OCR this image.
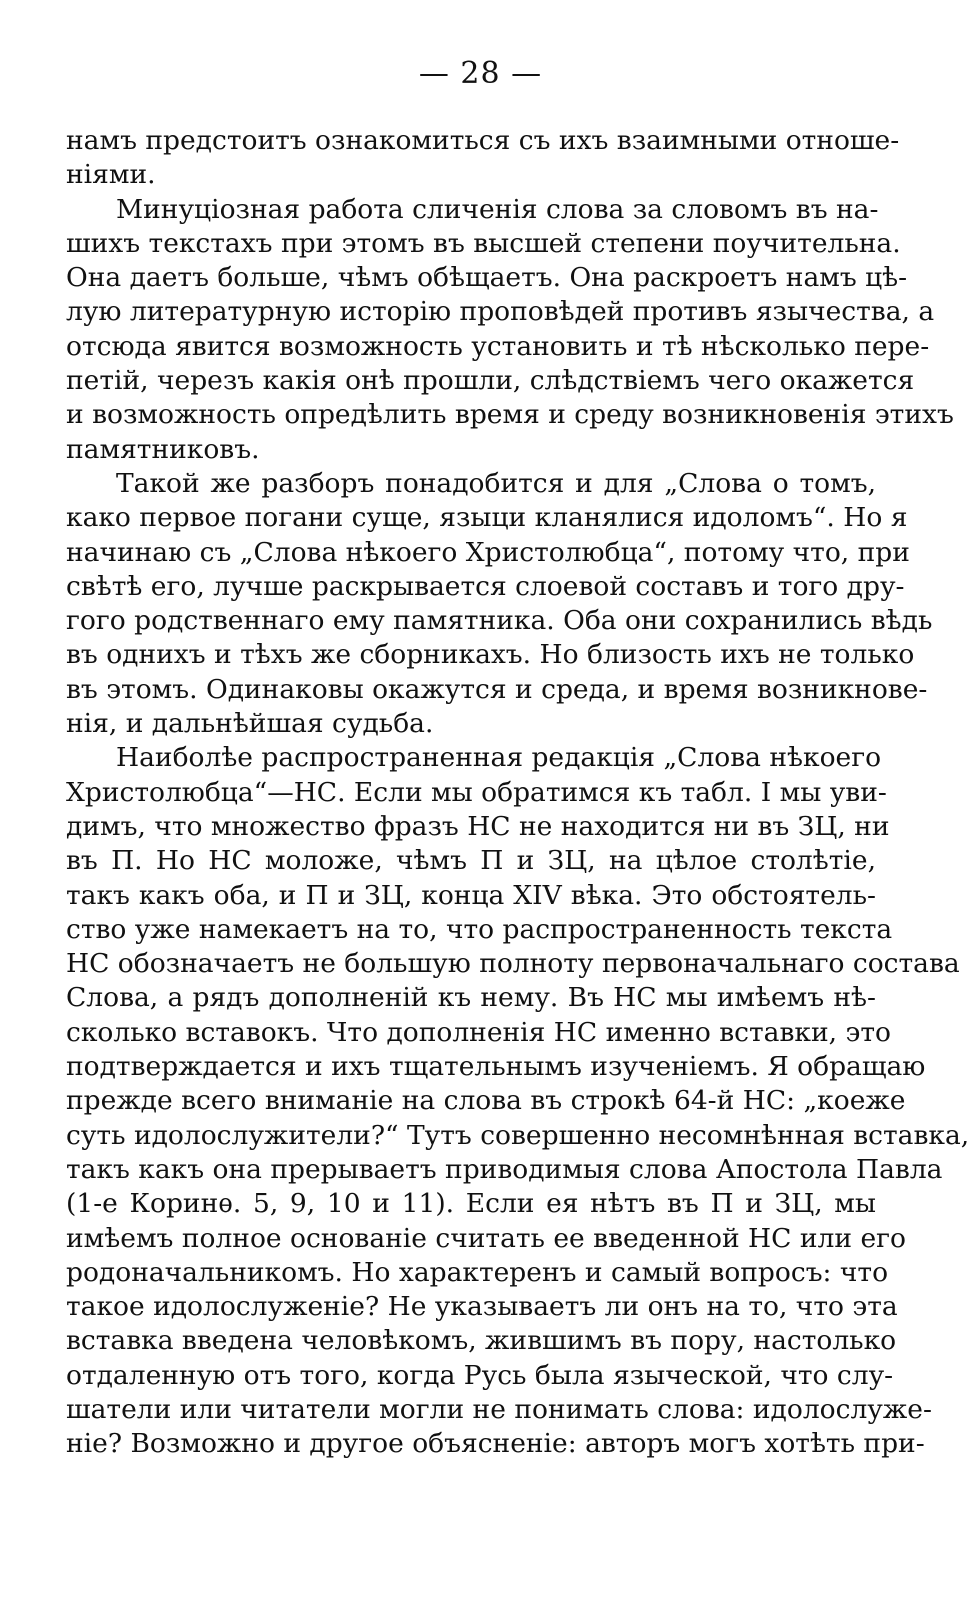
— 28 —
намъ предстоитъ ознакомиться съ ихъ взаимными отноше-
ніями.
Минуціозная работа сличенія слова за словомъ въ на-
шихъ текстахъ при этомъ въ высшей степени поучительна.
Она даетъ больше, чѣмъ обѣщаетъ. Она раскроетъ намъ цѣ-
лую литературную исторію проповѣдей противъ язычества, а
отсюда явится возможность установить и тѣ нѣсколько пере-
петій, черезъ какія онѣ прошли, слѣдствіемъ чего окажется
и возможность опредѣлить время и среду возникновенія этихъ
памятниковъ.
Такой же разборъ понадобится и для „Слова о томъ,
како первое погани суще, языци кланялися идоломъ“. Но я
начинаю съ „Слова нѣкоего Христолюбца“, потому что, при
свѣтѣ его, лучше раскрывается слоевой составъ и того дру-
гого родственнаго ему памятника. Оба они сохранились вѣдь
въ однихъ и тѣхъ же сборникахъ. Но близость ихъ не только
въ этомъ. Одинаковы окажутся и среда, и время возникнове-
нія, и дальнѣйшая судьба.
Наиболѣе распространенная редакція „Слова нѣкоего
Христолюбца“—НС. Если мы обратимся къ табл. I мы уви-
димъ, что множество фразъ НС не находится ни въ ЗЦ, ни
въ П. Но НС моложе, чѣмъ П и ЗЦ, на цѣлое столѣтіе,
такъ какъ оба, и П и ЗЦ, конца XIV вѣка. Это обстоятель-
ство уже намекаетъ на то, что распространенность текста
НС обозначаетъ не большую полноту первоначальнаго состава
Слова, а рядъ дополненій къ нему. Въ НС мы имѣемъ нѣ-
сколько вставокъ. Что дополненія НС именно вставки, это
подтверждается и ихъ тщательнымъ изученіемъ. Я обращаю
прежде всего вниманіе на слова въ строкѣ 64-й НС: „коеже
суть идолослужители?“ Тутъ совершенно несомнѣнная вставка,
такъ какъ она прерываетъ приводимыя слова Апостола Павла
(1-е Коринѳ. 5, 9, 10 и 11). Если ея нѣтъ въ П и ЗЦ, мы
имѣемъ полное основаніе считать ее введенной НС или его
родоначальникомъ. Но характеренъ и самый вопросъ: что
такое идолослуженіе? Не указываетъ ли онъ на то, что эта
вставка введена человѣкомъ, жившимъ въ пору, настолько
отдаленную отъ того, когда Русь была языческой, что слу-
шатели или читатели могли не понимать слова: идолослуже-
ніе? Возможно и другое объясненіе: авторъ могъ хотѣть при-
